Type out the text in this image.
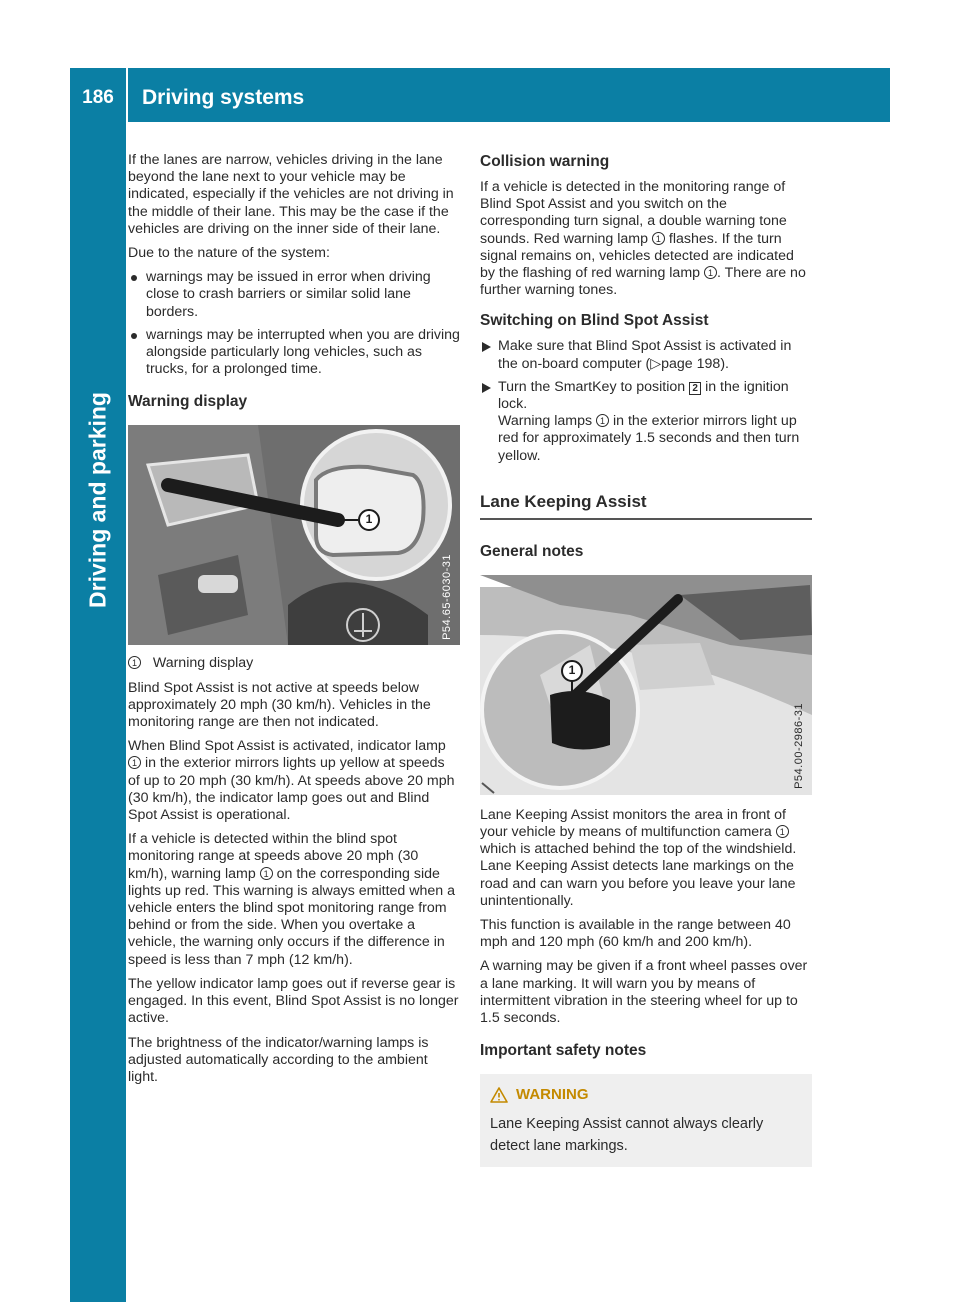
186	Driving systems
Driving and parking

If the lanes are narrow, vehicles driving in the lane beyond the lane next to your vehicle may be indicated, especially if the vehicles are not driving in the middle of their lane. This may be the case if the vehicles are driving on the inner side of their lane.

Due to the nature of the system:

warnings may be issued in error when driving close to crash barriers or similar solid lane borders.
warnings may be interrupted when you are driving alongside particularly long vehicles, such as trucks, for a prolonged time.
Warning display
1
P54.65-6030-31

1 Warning display

Blind Spot Assist is not active at speeds below approximately 20 mph (30 km/h). Vehicles in the monitoring range are then not indicated.

When Blind Spot Assist is activated, indicator lamp 1 in the exterior mirrors lights up yellow at speeds of up to 20 mph (30 km/h). At speeds above 20 mph (30 km/h), the indicator lamp goes out and Blind Spot Assist is operational.

If a vehicle is detected within the blind spot monitoring range at speeds above 20 mph (30 km/h), warning lamp 1 on the corresponding side lights up red. This warning is always emitted when a vehicle enters the blind spot monitoring range from behind or from the side. When you overtake a vehicle, the warning only occurs if the difference in speed is less than 7 mph (12 km/h).

The yellow indicator lamp goes out if reverse gear is engaged. In this event, Blind Spot Assist is no longer active.

The brightness of the indicator/warning lamps is adjusted automatically according to the ambient light.

Collision warning

If a vehicle is detected in the monitoring range of Blind Spot Assist and you switch on the corresponding turn signal, a double warning tone sounds. Red warning lamp 1 flashes. If the turn signal remains on, vehicles detected are indicated by the flashing of red warning lamp 1 . There are no further warning tones.

Switching on Blind Spot Assist
Make sure that Blind Spot Assist is activated in the on-board computer (▷page 198).
Turn the SmartKey to position 2 in the ignition lock.
Warning lamps 1 in the exterior mirrors light up red for approximately 1.5 seconds and then turn yellow.
Lane Keeping Assist
General notes
1
P54.00-2986-31

Lane Keeping Assist monitors the area in front of your vehicle by means of multifunction camera 1 which is attached behind the top of the windshield. Lane Keeping Assist detects lane markings on the road and can warn you before you leave your lane unintentionally.

This function is available in the range between 40 mph and 120 mph (60 km/h and 200 km/h).

A warning may be given if a front wheel passes over a lane marking. It will warn you by means of intermittent vibration in the steering wheel for up to 1.5 seconds.

Important safety notes
WARNING
Lane Keeping Assist cannot always clearly detect lane markings.
